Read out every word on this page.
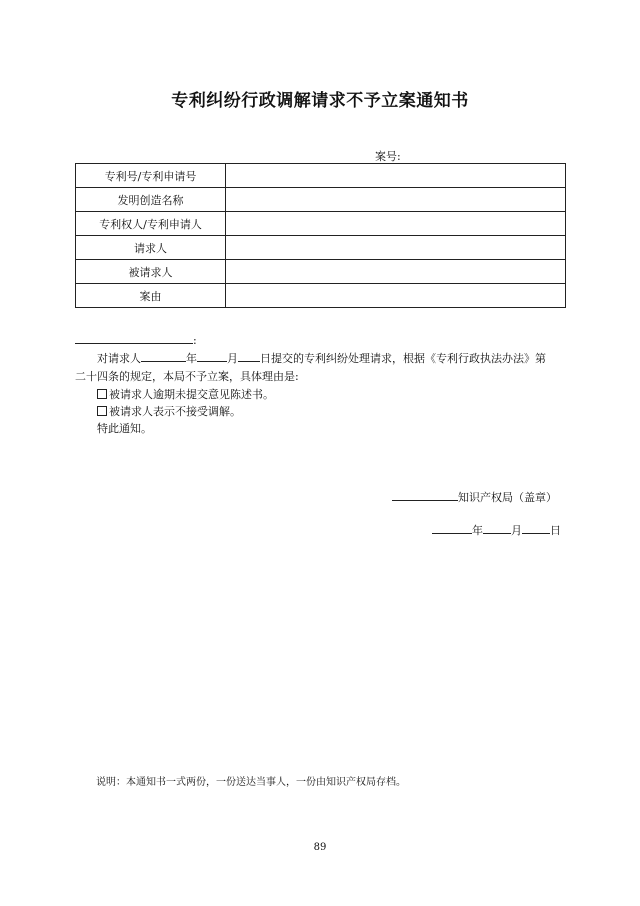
专利纠纷行政调解请求不予立案通知书
案号:
专利号/专利申请号	
发明创造名称	
专利权人/专利申请人	
请求人	
被请求人	
案由	
:
对请求人	年	月 日提交的专利纠纷处理请求，根据《专利行政执法办法》第
二十四条的规定，本局不予立案，具体理由是:
被请求人逾期未提交意见陈述书。
被请求人表示不接受调解。
特此通知。
知识产权局（盖章）
年	月	日
说明：本通知书一式两份，一份送达当事人，一份由知识产权局存档。
89
